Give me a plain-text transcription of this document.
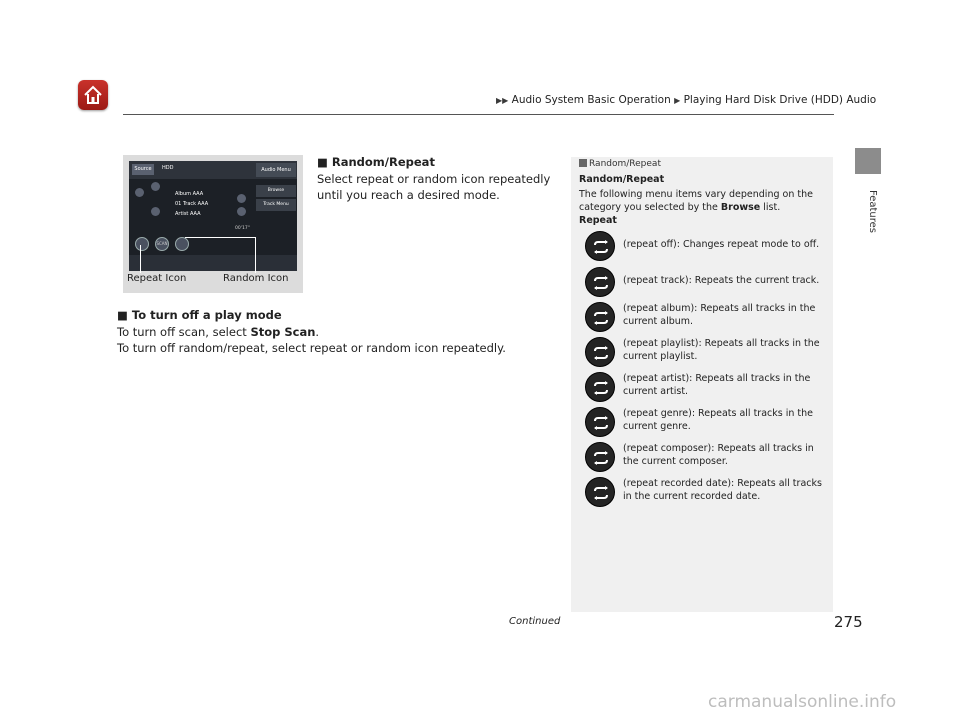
▶▶ Audio System Basic Operation ▶ Playing Hard Disk Drive (HDD) Audio
Features
Source	HDD	Audio Menu
Browse
Track Menu
Album AAA
01 Track AAA
Artist AAA
00'17"
SCAN
Repeat Icon	Random Icon
■ Random/Repeat
Select repeat or random icon repeatedly until you reach a desired mode.
■ To turn off a play mode
To turn off scan, select Stop Scan.
To turn off random/repeat, select repeat or random icon repeatedly.
Random/Repeat
Random/Repeat
The following menu items vary depending on the category you selected by the Browse list.
Repeat
(repeat off): Changes repeat mode to off.
(repeat track): Repeats the current track.
(repeat album): Repeats all tracks in the current album.
(repeat playlist): Repeats all tracks in the current playlist.
(repeat artist): Repeats all tracks in the current artist.
(repeat genre): Repeats all tracks in the current genre.
(repeat composer): Repeats all tracks in the current composer.
(repeat recorded date): Repeats all tracks in the current recorded date.
Continued	275
carmanualsonline.info
